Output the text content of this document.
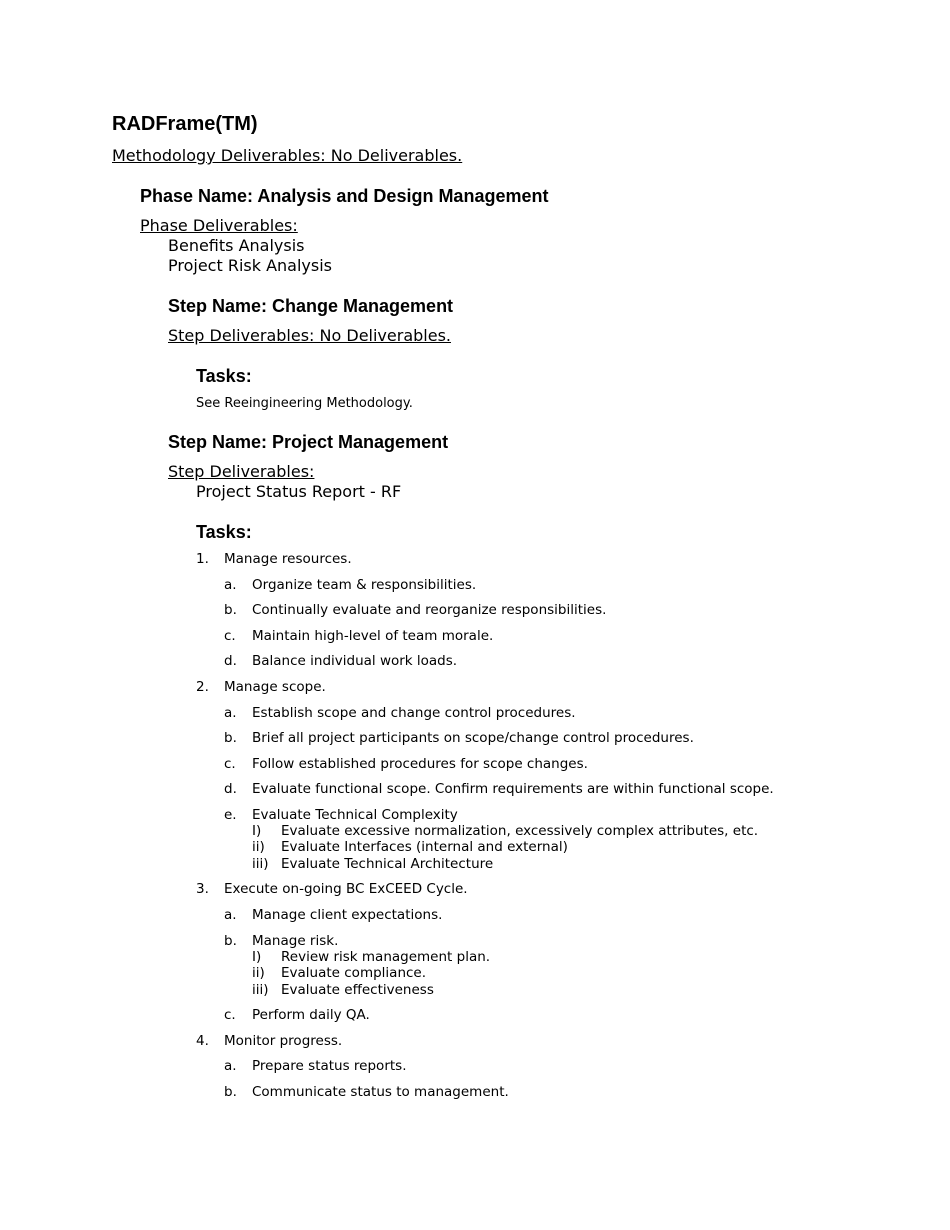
RADFrame(TM)
Methodology Deliverables: No Deliverables.
Phase Name: Analysis and Design Management
Phase Deliverables:
Benefits Analysis
Project Risk Analysis
Step Name: Change Management
Step Deliverables: No Deliverables.
Tasks:
See Reeingineering Methodology.
Step Name: Project Management
Step Deliverables:
Project Status Report - RF
Tasks:
1. Manage resources.
a. Organize team & responsibilities.
b. Continually evaluate and reorganize responsibilities.
c. Maintain high-level of team morale.
d. Balance individual work loads.
2. Manage scope.
a. Establish scope and change control procedures.
b. Brief all project participants on scope/change control procedures.
c. Follow established procedures for scope changes.
d. Evaluate functional scope. Confirm requirements are within functional scope.
e. Evaluate Technical Complexity
I) Evaluate excessive normalization, excessively complex attributes, etc.
ii) Evaluate Interfaces (internal and external)
iii) Evaluate Technical Architecture
3. Execute on-going BC ExCEED Cycle.
a. Manage client expectations.
b. Manage risk.
I) Review risk management plan.
ii) Evaluate compliance.
iii) Evaluate effectiveness
c. Perform daily QA.
4. Monitor progress.
a. Prepare status reports.
b. Communicate status to management.
